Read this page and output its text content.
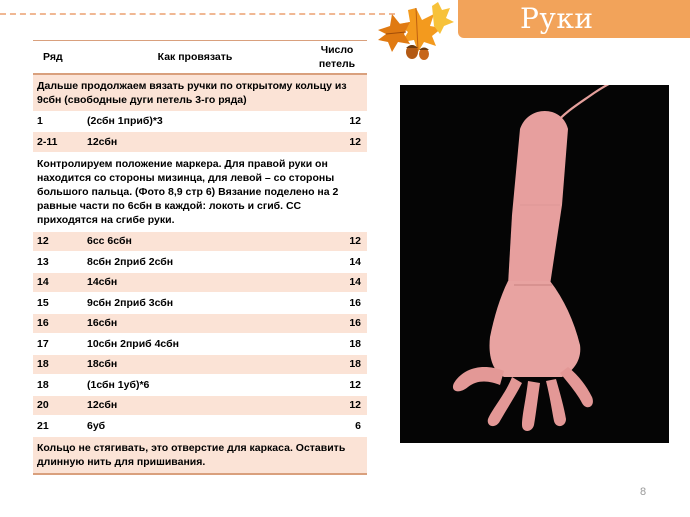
Руки
Ряд	Как провязать	Число петель
Дальше продолжаем вязать ручки по открытому кольцу из 9сбн (свободные дуги петель 3-го ряда)		
1	(2сбн 1приб)*3	12
2-11	12сбн	12
Контролируем положение маркера. Для правой руки он находится со стороны мизинца, для левой – со стороны большого пальца. (Фото 8,9 стр 6) Вязание поделено на 2 равные части по 6сбн в каждой: локоть и сгиб. СС приходятся на сгибе руки.		
12	6сс 6сбн	12
13	8сбн 2приб 2сбн	14
14	14сбн	14
15	9сбн 2приб 3сбн	16
16	16сбн	16
17	10сбн 2приб 4сбн	18
18	18сбн	18
18	(1сбн 1уб)*6	12
20	12сбн	12
21	6уб	6
Кольцо не стягивать, это отверстие для каркаса. Оставить длинную нить для пришивания.		
8
